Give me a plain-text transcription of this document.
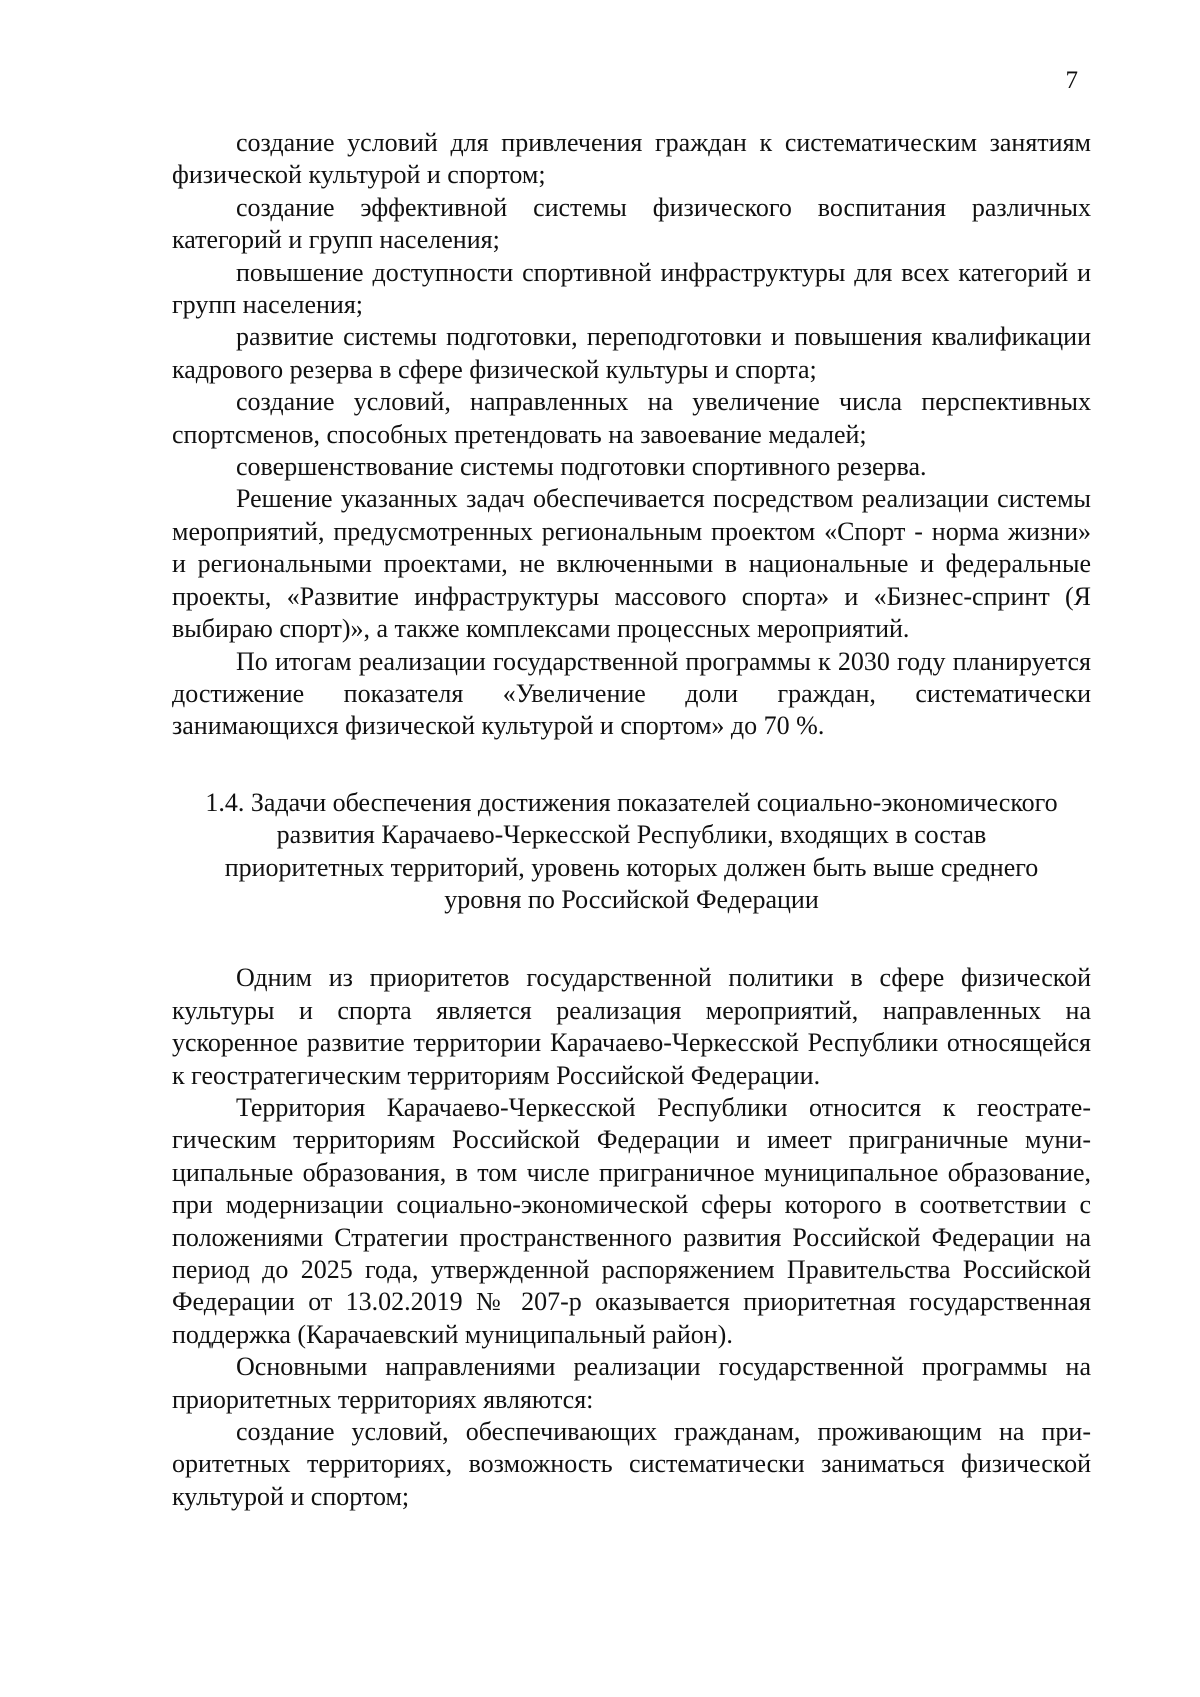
7

создание условий для привлечения граждан к систематическим занятиям физической культурой и спортом;

создание эффективной системы физического воспитания различных категорий и групп населения;

повышение доступности спортивной инфраструктуры для всех категорий и групп населения;

развитие системы подготовки, переподготовки и повышения квалификации кадрового резерва в сфере физической культуры и спорта;

создание условий, направленных на увеличение числа перспективных спортсменов, способных претендовать на завоевание медалей;

совершенствование системы подготовки спортивного резерва.

Решение указанных задач обеспечивается посредством реализации системы мероприятий, предусмотренных региональным проектом «Спорт - норма жизни» и региональными проектами, не включенными в национальные и федеральные проекты, «Развитие инфраструктуры массового спорта» и «Бизнес-спринт (Я выбираю спорт)», а также комплексами процессных мероприятий.

По итогам реализации государственной программы к 2030 году планируется достижение показателя «Увеличение доли граждан, систематически занимающихся физической культурой и спортом» до 70 %.

1.4. Задачи обеспечения достижения показателей социально-экономического развития Карачаево-Черкесской Республики, входящих в состав
приоритетных территорий, уровень которых должен быть выше среднего
уровня по Российской Федерации

Одним из приоритетов государственной политики в сфере физической культуры и спорта является реализация мероприятий, направленных на ускоренное развитие территории Карачаево-Черкесской Республики относящейся к геостратегическим территориям Российской Федерации.

Территория Карачаево-Черкесской Республики относится к геостратегическим территориям Российской Федерации и имеет приграничные муниципальные образования, в том числе приграничное муниципальное образование, при модернизации социально-экономической сферы которого в соответствии с положениями Стратегии пространственного развития Российской Федерации на период до 2025 года, утвержденной распоряжением Правительства Российской Федерации от 13.02.2019 № 207-р оказывается приоритетная государственная поддержка (Карачаевский муниципальный район).

Основными направлениями реализации государственной программы на приоритетных территориях являются:

создание условий, обеспечивающих гражданам, проживающим на приоритетных территориях, возможность систематически заниматься физической культурой и спортом;
